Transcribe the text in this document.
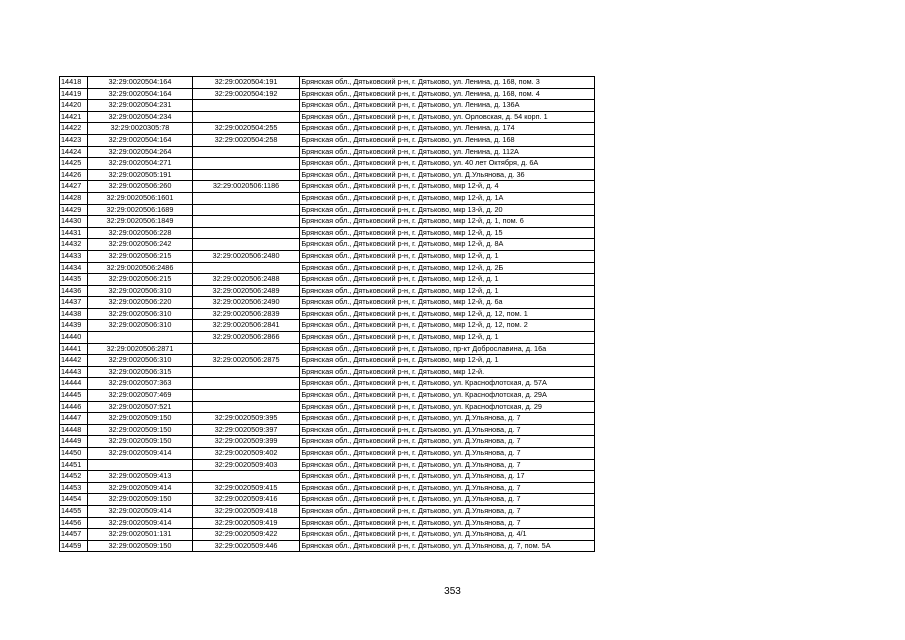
14418	32:29:0020504:164	32:29:0020504:191	Брянская обл., Дятьковский р-н, г. Дятьково, ул. Ленина, д. 168, пом. 3
14419	32:29:0020504:164	32:29:0020504:192	Брянская обл., Дятьковский р-н, г. Дятьково, ул. Ленина, д. 168, пом. 4
14420	32:29:0020504:231		Брянская обл., Дятьковский р-н, г. Дятьково, ул. Ленина, д. 136А
14421	32:29:0020504:234		Брянская обл., Дятьковский р-н, г. Дятьково, ул. Орловская, д. 54 корп. 1
14422	32:29:0020305:78	32:29:0020504:255	Брянская обл., Дятьковский р-н, г. Дятьково, ул. Ленина, д. 174
14423	32:29:0020504:164	32:29:0020504:258	Брянская обл., Дятьковский р-н, г. Дятьково, ул. Ленина, д. 168
14424	32:29:0020504:264		Брянская обл., Дятьковский р-н, г. Дятьково, ул. Ленина, д. 112А
14425	32:29:0020504:271		Брянская обл., Дятьковский р-н, г. Дятьково, ул. 40 лет Октября, д. 6А
14426	32:29:0020505:191		Брянская обл., Дятьковский р-н, г. Дятьково, ул. Д.Ульянова, д. 36
14427	32:29:0020506:260	32:29:0020506:1186	Брянская обл., Дятьковский р-н, г. Дятьково, мкр 12-й, д. 4
14428	32:29:0020506:1601		Брянская обл., Дятьковский р-н, г. Дятьково, мкр 12-й, д. 1А
14429	32:29:0020506:1689		Брянская обл., Дятьковский р-н, г. Дятьково, мкр 13-й, д. 20
14430	32:29:0020506:1849		Брянская обл., Дятьковский р-н, г. Дятьково, мкр 12-й, д. 1, пом. 6
14431	32:29:0020506:228		Брянская обл., Дятьковский р-н, г. Дятьково, мкр 12-й, д. 15
14432	32:29:0020506:242		Брянская обл., Дятьковский р-н, г. Дятьково, мкр 12-й, д. 8А
14433	32:29:0020506:215	32:29:0020506:2480	Брянская обл., Дятьковский р-н, г. Дятьково, мкр 12-й, д. 1
14434	32:29:0020506:2486		Брянская обл., Дятьковский р-н, г. Дятьково, мкр 12-й, д. 2Б
14435	32:29:0020506:215	32:29:0020506:2488	Брянская обл., Дятьковский р-н, г. Дятьково, мкр 12-й, д. 1
14436	32:29:0020506:310	32:29:0020506:2489	Брянская обл., Дятьковский р-н, г. Дятьково, мкр 12-й, д. 1
14437	32:29:0020506:220	32:29:0020506:2490	Брянская обл., Дятьковский р-н, г. Дятьково, мкр 12-й, д. 6а
14438	32:29:0020506:310	32:29:0020506:2839	Брянская обл., Дятьковский р-н, г. Дятьково, мкр 12-й, д. 12, пом. 1
14439	32:29:0020506:310	32:29:0020506:2841	Брянская обл., Дятьковский р-н, г. Дятьково, мкр 12-й, д. 12, пом. 2
14440		32:29:0020506:2866	Брянская обл., Дятьковский р-н, г. Дятьково, мкр 12-й, д. 1
14441	32:29:0020506:2871		Брянская обл., Дятьковский р-н, г. Дятьково, пр-кт Доброславина, д. 16а
14442	32:29:0020506:310	32:29:0020506:2875	Брянская обл., Дятьковский р-н, г. Дятьково, мкр 12-й, д. 1
14443	32:29:0020506:315		Брянская обл., Дятьковский р-н, г. Дятьково, мкр 12-й.
14444	32:29:0020507:363		Брянская обл., Дятьковский р-н, г. Дятьково, ул. Краснофлотская, д. 57А
14445	32:29:0020507:469		Брянская обл., Дятьковский р-н, г. Дятьково, ул. Краснофлотская, д. 29А
14446	32:29:0020507:521		Брянская обл., Дятьковский р-н, г. Дятьково, ул. Краснофлотская, д. 29
14447	32:29:0020509:150	32:29:0020509:395	Брянская обл., Дятьковский р-н, г. Дятьково, ул. Д.Ульянова, д. 7
14448	32:29:0020509:150	32:29:0020509:397	Брянская обл., Дятьковский р-н, г. Дятьково, ул. Д.Ульянова, д. 7
14449	32:29:0020509:150	32:29:0020509:399	Брянская обл., Дятьковский р-н, г. Дятьково, ул. Д.Ульянова, д. 7
14450	32:29:0020509:414	32:29:0020509:402	Брянская обл., Дятьковский р-н, г. Дятьково, ул. Д.Ульянова, д. 7
14451		32:29:0020509:403	Брянская обл., Дятьковский р-н, г. Дятьково, ул. Д.Ульянова, д. 7
14452	32:29:0020509:413		Брянская обл., Дятьковский р-н, г. Дятьково, ул. Д.Ульянова, д. 17
14453	32:29:0020509:414	32:29:0020509:415	Брянская обл., Дятьковский р-н, г. Дятьково, ул. Д.Ульянова, д. 7
14454	32:29:0020509:150	32:29:0020509:416	Брянская обл., Дятьковский р-н, г. Дятьково, ул. Д.Ульянова, д. 7
14455	32:29:0020509:414	32:29:0020509:418	Брянская обл., Дятьковский р-н, г. Дятьково, ул. Д.Ульянова, д. 7
14456	32:29:0020509:414	32:29:0020509:419	Брянская обл., Дятьковский р-н, г. Дятьково, ул. Д.Ульянова, д. 7
14457	32:29:0020501:131	32:29:0020509:422	Брянская обл., Дятьковский р-н, г. Дятьково, ул. Д.Ульянова, д. 4/1
14459	32:29:0020509:150	32:29:0020509:446	Брянская обл., Дятьковский р-н, г. Дятьково, ул. Д.Ульянова, д. 7, пом. 5А
353
